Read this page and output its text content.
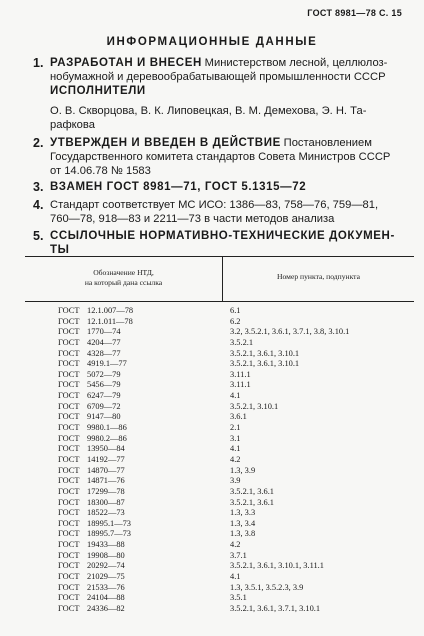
ГОСТ 8981—78 С. 15
ИНФОРМАЦИОННЫЕ ДАННЫЕ
1. РАЗРАБОТАН И ВНЕСЕН Министерством лесной, целлюлоз-
нобумажной и деревообрабатывающей промышленности СССР
ИСПОЛНИТЕЛИ
О. В. Скворцова, В. К. Липовецкая, В. М. Демехова, Э. Н. Та-
рафкова
2. УТВЕРЖДЕН И ВВЕДЕН В ДЕЙСТВИЕ Постановлением
Государственного комитета стандартов Совета Министров СССР
от 14.06.78 № 1583
3. ВЗАМЕН ГОСТ 8981—71, ГОСТ 5.1315—72
4. Стандарт соответствует МС ИСО: 1386—83, 758—76, 759—81,
760—78, 918—83 и 2211—73 в части методов анализа
5. ССЫЛОЧНЫЕ НОРМАТИВНО-ТЕХНИЧЕСКИЕ ДОКУМЕН-
ТЫ
Обозначение НТД,
на который дана ссылка
Номер пункта, подпункта
ГОСТ 12.1.007—78	6.1
ГОСТ 12.1.011—78	6.2
ГОСТ 1770—74	3.2, 3.5.2.1, 3.6.1, 3.7.1, 3.8, 3.10.1
ГОСТ 4204—77	3.5.2.1
ГОСТ 4328—77	3.5.2.1, 3.6.1, 3.10.1
ГОСТ 4919.1—77	3.5.2.1, 3.6.1, 3.10.1
ГОСТ 5072—79	3.11.1
ГОСТ 5456—79	3.11.1
ГОСТ 6247—79	4.1
ГОСТ 6709—72	3.5.2.1, 3.10.1
ГОСТ 9147—80	3.6.1
ГОСТ 9980.1—86	2.1
ГОСТ 9980.2—86	3.1
ГОСТ 13950—84	4.1
ГОСТ 14192—77	4.2
ГОСТ 14870—77	1.3, 3.9
ГОСТ 14871—76	3.9
ГОСТ 17299—78	3.5.2.1, 3.6.1
ГОСТ 18300—87	3.5.2.1, 3.6.1
ГОСТ 18522—73	1.3, 3.3
ГОСТ 18995.1—73	1.3, 3.4
ГОСТ 18995.7—73	1.3, 3.8
ГОСТ 19433—88	4.2
ГОСТ 19908—80	3.7.1
ГОСТ 20292—74	3.5.2.1, 3.6.1, 3.10.1, 3.11.1
ГОСТ 21029—75	4.1
ГОСТ 21533—76	1.3, 3.5.1, 3.5.2.3, 3.9
ГОСТ 24104—88	3.5.1
ГОСТ 24336—82	3.5.2.1, 3.6.1, 3.7.1, 3.10.1
